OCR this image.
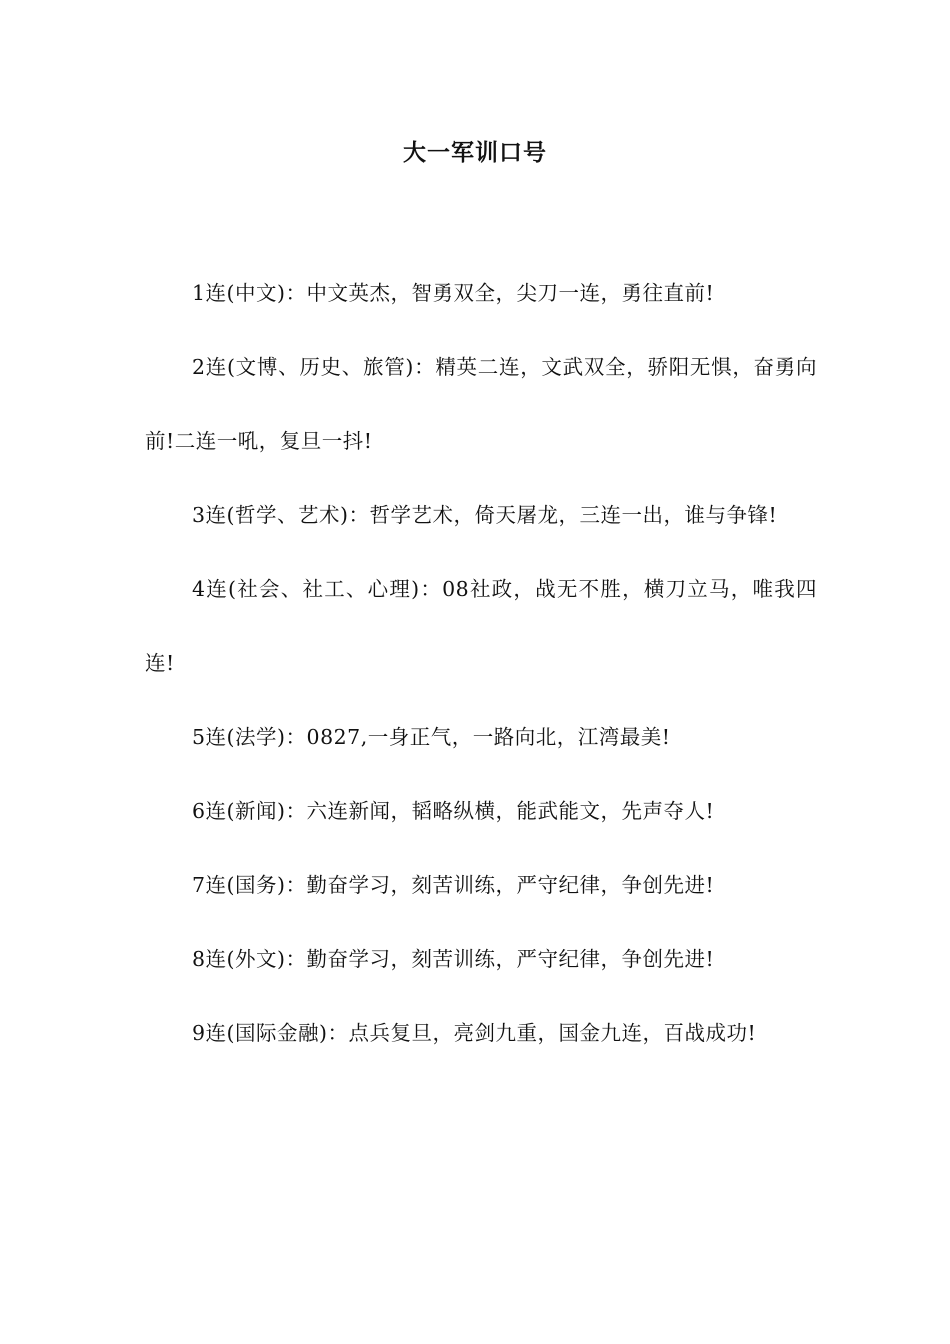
大一军训口号

1连(中文)：中文英杰，智勇双全，尖刀一连，勇往直前!

2连(文博、历史、旅管)：精英二连，文武双全，骄阳无惧，奋勇向前!二连一吼，复旦一抖!

3连(哲学、艺术)：哲学艺术，倚天屠龙，三连一出，谁与争锋!

4连(社会、社工、心理)：08社政，战无不胜，横刀立马，唯我四连!

5连(法学)：0827,一身正气，一路向北，江湾最美!

6连(新闻)：六连新闻，韬略纵横，能武能文，先声夺人!

7连(国务)：勤奋学习，刻苦训练，严守纪律，争创先进!

8连(外文)：勤奋学习，刻苦训练，严守纪律，争创先进!

9连(国际金融)：点兵复旦，亮剑九重，国金九连，百战成功!
